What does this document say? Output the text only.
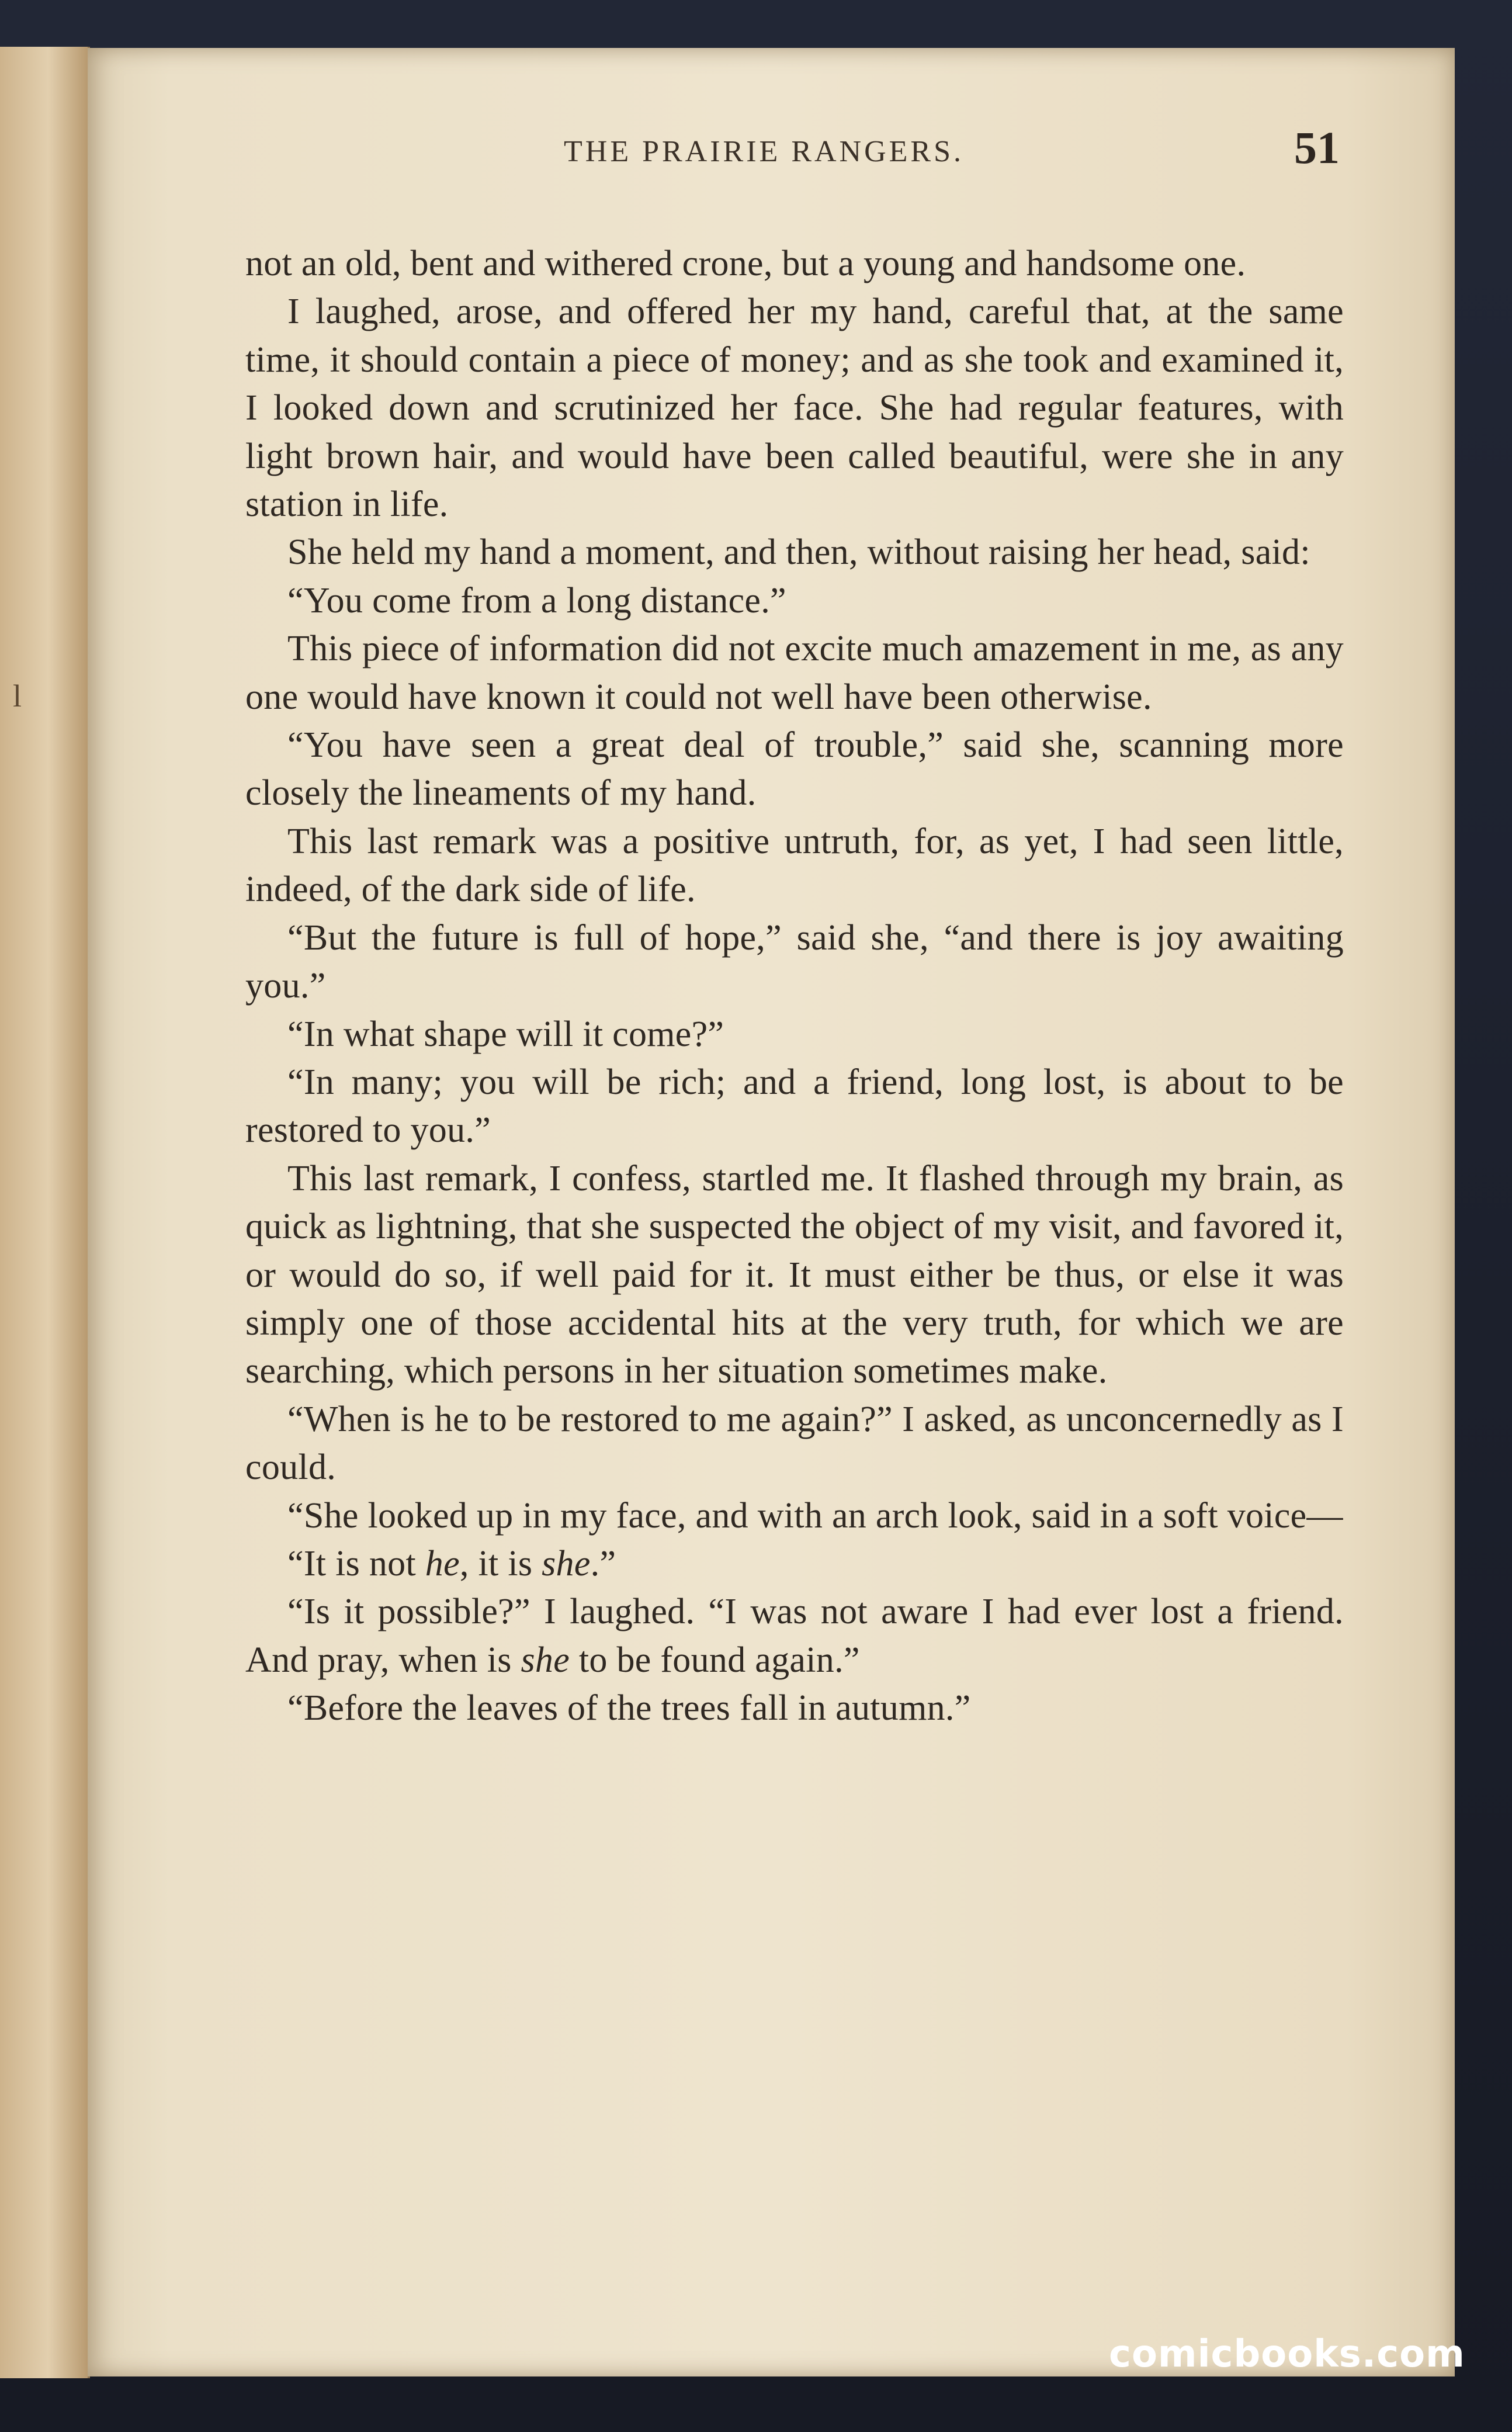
l
THE PRAIRIE RANGERS.	51

not an old, bent and withered crone, but a young and handsome one.

I laughed, arose, and offered her my hand, careful that, at the same time, it should contain a piece of money; and as she took and examined it, I looked down and scrutinized her face. She had regular features, with light brown hair, and would have been called beautiful, were she in any station in life.

She held my hand a moment, and then, without raising her head, said:

“You come from a long distance.”

This piece of information did not excite much amazement in me, as any one would have known it could not well have been otherwise.

“You have seen a great deal of trouble,” said she, scanning more closely the lineaments of my hand.

This last remark was a positive untruth, for, as yet, I had seen little, indeed, of the dark side of life.

“But the future is full of hope,” said she, “and there is joy awaiting you.”

“In what shape will it come?”

“In many; you will be rich; and a friend, long lost, is about to be restored to you.”

This last remark, I confess, startled me. It flashed through my brain, as quick as lightning, that she suspected the object of my visit, and favored it, or would do so, if well paid for it. It must either be thus, or else it was simply one of those accidental hits at the very truth, for which we are searching, which persons in her situation sometimes make.

“When is he to be restored to me again?” I asked, as unconcernedly as I could.

“She looked up in my face, and with an arch look, said in a soft voice—

“It is not he, it is she.”

“Is it possible?” I laughed. “I was not aware I had ever lost a friend. And pray, when is she to be found again.”

“Before the leaves of the trees fall in autumn.”

comicbooks.com
